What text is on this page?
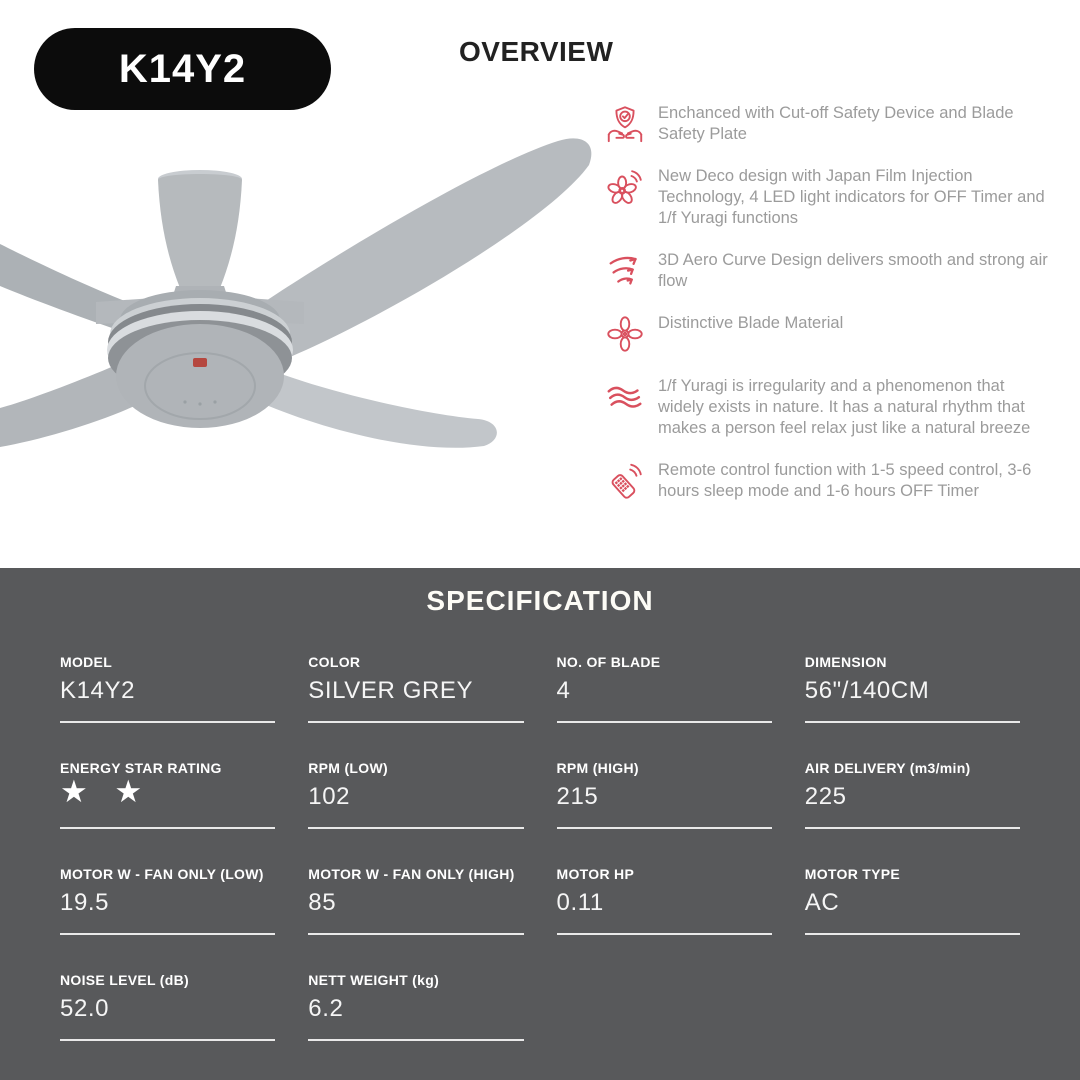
K14Y2	OVERVIEW

Enchanced with Cut-off Safety Device and Blade Safety Plate

New Deco design with Japan Film Injection Technology, 4 LED light indicators for OFF Timer and 1/f Yuragi functions

3D Aero Curve Design delivers smooth and strong air flow

Distinctive Blade Material

1/f Yuragi is irregularity and a phenomenon that widely exists in nature. It has a natural rhythm that makes a person feel relax just like a natural breeze

Remote control function with 1-5 speed control, 3-6 hours sleep mode and 1-6 hours OFF Timer

SPECIFICATION
MODEL
K14Y2
COLOR
SILVER GREY
NO. OF BLADE
4
DIMENSION
56"/140CM
ENERGY STAR RATING
★ ★
RPM (LOW)
102
RPM (HIGH)
215
AIR DELIVERY (m3/min)
225
MOTOR W - FAN ONLY (LOW)
19.5
MOTOR W - FAN ONLY (HIGH)
85
MOTOR HP
0.11
MOTOR TYPE
AC
NOISE LEVEL (dB)
52.0
NETT WEIGHT (kg)
6.2
